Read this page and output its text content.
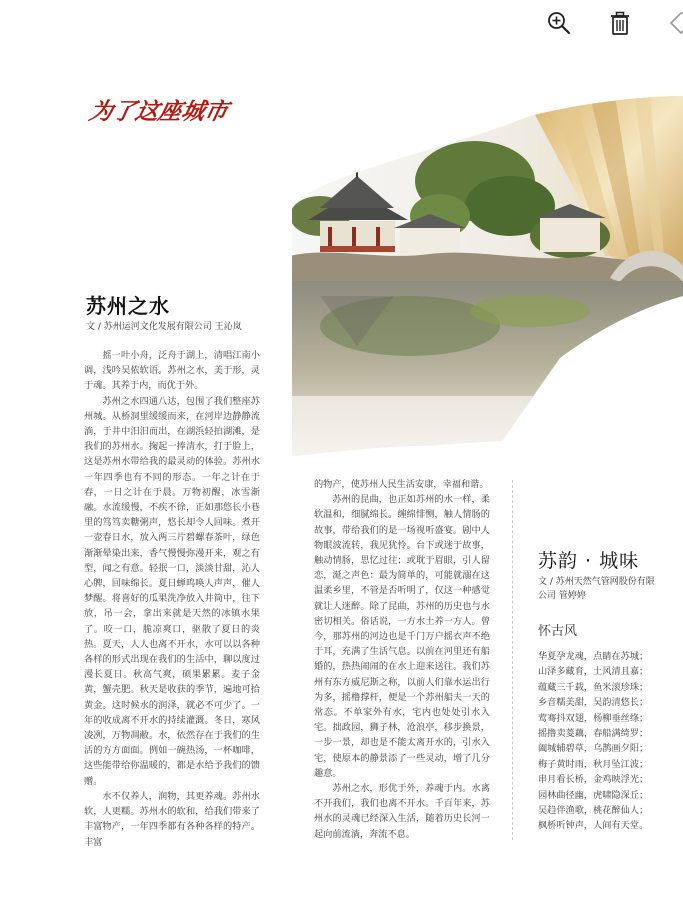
为了这座城市
苏州之水
文 / 苏州运河文化发展有限公司 王沁岚

摇一叶小舟，泛舟于湖上，清唱江南小调，浅吟吴侬软语。苏州之水，美于形，灵于魂。其养于内，而优于外。

苏州之水四通八达，包围了我们整座苏州城。从桥洞里缓缓而来，在河岸边静静流淌，于井中汨汨而出，在湖浜轻拍湖滩，是我们的苏州水。掬起一捧清水，打于脸上，这是苏州水带给我的最灵动的体验。苏州水一年四季也有不同的形态。一年之计在于春，一日之计在于晨。万物初醒，冰雪渐融。水流缓慢，不疾不徐，正如那悠长小巷里的笃笃卖糖粥声，悠长却令人回味。煮开一壶春日水，放入两三片碧螺春茶叶，绿色渐渐晕染出来，香气慢慢弥漫开来，观之有型，闻之有意。轻抿一口，淡淡甘甜，沁人心脾，回味绵长。夏日蝉鸣唤人声声，催人梦醒。将喜好的瓜果洗净放入井筒中，往下放，吊一会，拿出来就是天然的冰镇水果了。咬一口，脆凉爽口，驱散了夏日的炎热。夏天，人人也离不开水，水可以以各种各样的形式出现在我们的生活中，聊以度过漫长夏日。秋高气爽，硕果累累。麦子金黄，蟹壳肥。秋天是收获的季节，遍地可拾黄金。这时候水的润泽，就必不可少了。一年的收成离不开水的持续灌溉。冬日，寒风凌冽，万物凋敝。水，依然存在于我们的生活的方方面面。例如一碗热汤，一杯咖啡，这些能带给你温暖的，都是水给予我们的馈赠。

水不仅养人，润物，其更养魂。苏州水软，人更糯。苏州水的软和，给我们带来了丰富物产，一年四季都有各种各样的特产。丰富

的物产，使苏州人民生活安康，幸福和谐。

苏州的昆曲，也正如苏州的水一样，柔软温和，细腻绵长。缠绵悱恻，触人情肠的故事，带给我们的是一场视听盛宴。剧中人物眼波流转，我见犹怜。台下或迷于故事，触动情肠，思忆过往；或耽于眉眼，引人留恋，涎之声色：最为简单的，可能就溺在这温柔乡里，不管是否听明了，仅这一种感觉就让人迷醉。除了昆曲，苏州的历史也与水密切相关。俗话说，一方水土养一方人。曾今，那苏州的河边也是千门万户摇衣声不绝于耳，充满了生活气息。以前在河里还有船婚的，热热闹闹的在水上迎来送往。我们苏州有东方威尼斯之称，以前人们靠水运出行为多，摇橹撑杆，便是一个苏州船夫一天的常态。不单家外有水，宅内也处处引水入宅。拙政园，狮子林，沧浪亭，移步换景，一步一景，却也是不能太离开水的，引水入宅，使原本的静景添了一些灵动，增了几分趣意。

苏州之水，形优于外，养魂于内。水离不开我们，我们也离不开水。千百年来，苏州水的灵魂已经深入生活，随着历史长河一起向前流淌，奔流不息。

苏韵 · 城味
文 / 苏州天然气管网股份有限公司 管婷婷
怀古风
华夏孕龙魂，点睛在苏城；
山泽多藏育，土风清且嘉；
蕴藏三千载，鱼米滚珍珠；
乡音糯美甜，吴韵清悠长；
莺骞抖双翅，杨柳垂丝绦；
摇撸卖菱藕，春船满绮罗；
阖城辅碧草，乌鹊画夕阳；
梅子黄时雨，秋月坠江波；
串月看长桥，金鸡映浮光；
园林曲径幽，虎啸隐深丘；
吴趋伴渔歌，桃花醉仙人；
枫桥听钟声，人间有天堂。
